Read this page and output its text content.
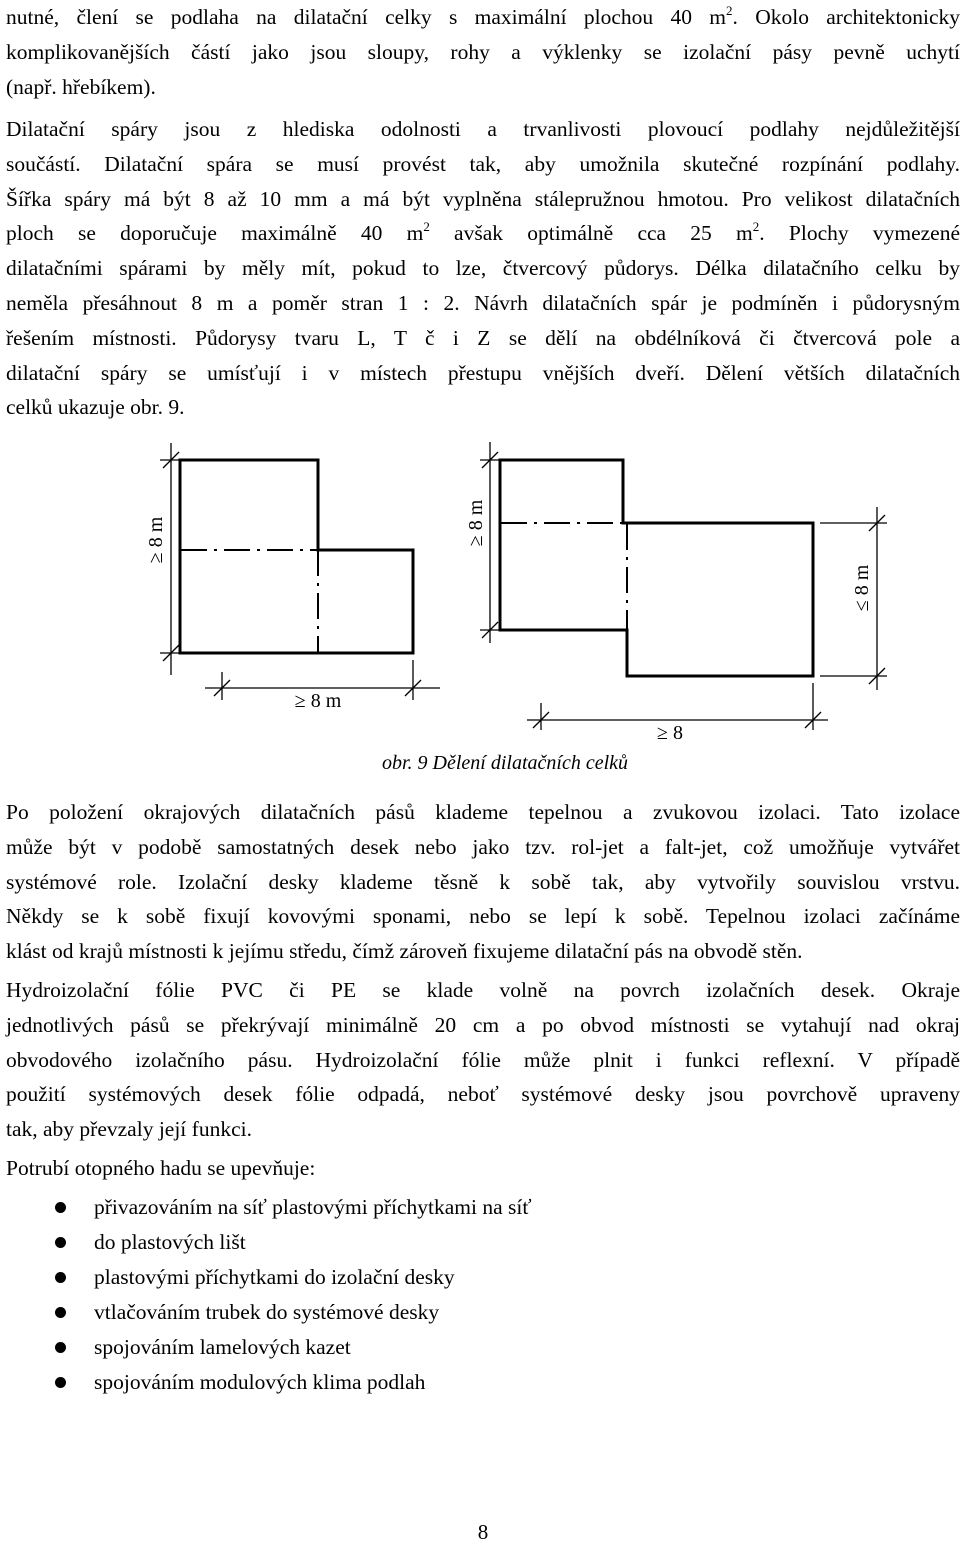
nutné, člení se podlaha na dilatační celky s maximální plochou 40 $m^2$. Okolo architektonicky
komplikovanějších částí jako jsou sloupy, rohy a výklenky se izolační pásy pevně uchytí
(např. hřebíkem).

Dilatační spáry jsou z hlediska odolnosti a trvanlivosti plovoucí podlahy nejdůležitější
součástí. Dilatační spára se musí provést tak, aby umožnila skutečné rozpínání podlahy.
Šířka spáry má být 8 až 10 mm a má být vyplněna stálepružnou hmotou. Pro velikost dilatačních
ploch se doporučuje maximálně 40 $m^2$ avšak optimálně cca 25 $m^2$. Plochy vymezené
dilatačními spárami by měly mít, pokud to lze, čtvercový půdorys. Délka dilatačního celku by
neměla přesáhnout 8 m a poměr stran 1 : 2. Návrh dilatačních spár je podmíněn i půdorysným
řešením místnosti. Půdorysy tvaru L, T č i Z se dělí na obdélníková či čtvercová pole a
dilatační spáry se umísťují i v místech přestupu vnějších dveří. Dělení větších dilatačních
celků ukazuje obr. 9.

≥ 8 m
≥ 8 m
≥ 8 m
≤ 8 m
≥ 8
obr. 9 Dělení dilatačních celků

Po položení okrajových dilatačních pásů klademe tepelnou a zvukovou izolaci. Tato izolace
může být v podobě samostatných desek nebo jako tzv. rol-jet a falt-jet, což umožňuje vytvářet
systémové role. Izolační desky klademe těsně k sobě tak, aby vytvořily souvislou vrstvu.
Někdy se k sobě fixují kovovými sponami, nebo se lepí k sobě. Tepelnou izolaci začínáme
klást od krajů místnosti k jejímu středu, čímž zároveň fixujeme dilatační pás na obvodě stěn.

Hydroizolační fólie PVC či PE se klade volně na povrch izolačních desek. Okraje
jednotlivých pásů se překrývají minimálně 20 cm a po obvod místnosti se vytahují nad okraj
obvodového izolačního pásu. Hydroizolační fólie může plnit i funkci reflexní. V případě
použití systémových desek fólie odpadá, neboť systémové desky jsou povrchově upraveny
tak, aby převzaly její funkci.

Potrubí otopného hadu se upevňuje:

přivazováním na síť plastovými příchytkami na síť
do plastových lišt
plastovými příchytkami do izolační desky
vtlačováním trubek do systémové desky
spojováním lamelových kazet
spojováním modulových klima podlah
8
